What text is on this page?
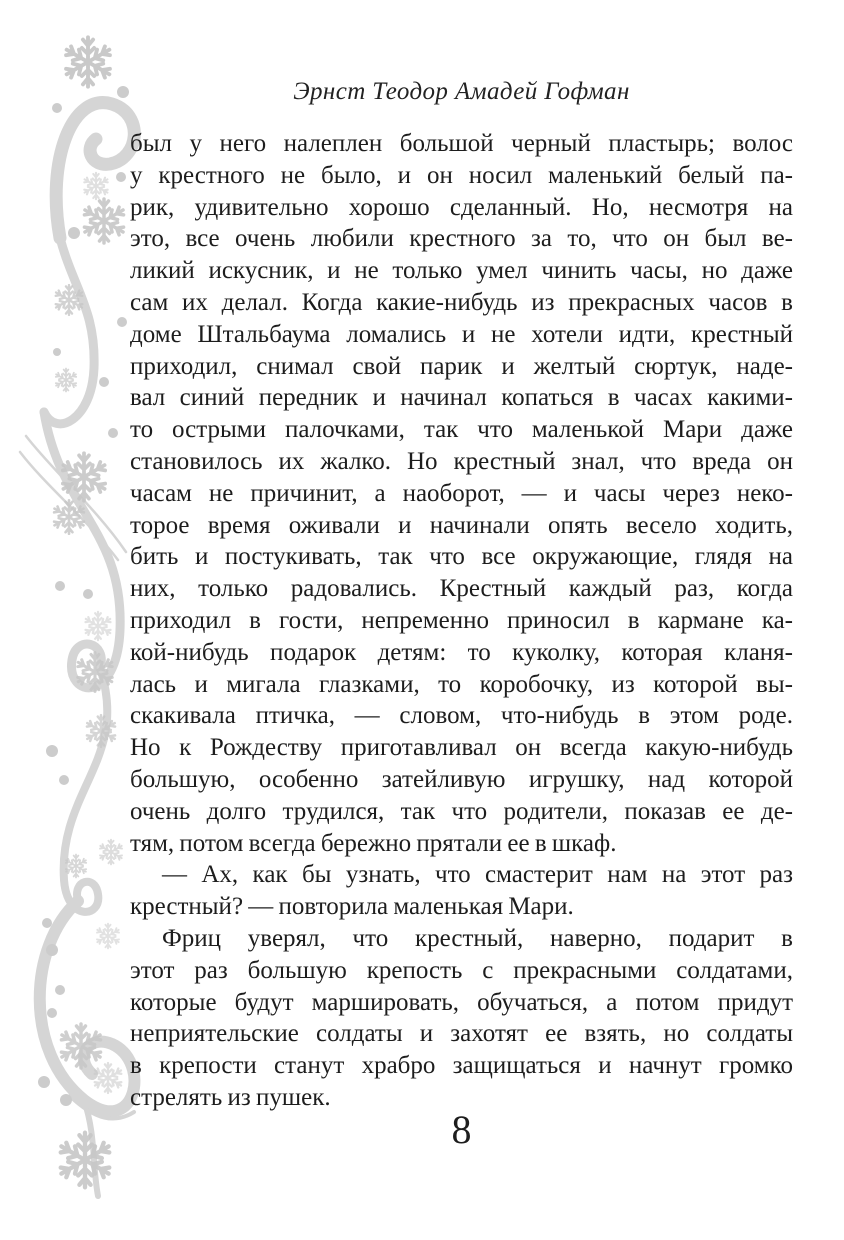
Эрнст Теодор Амадей Гофман
был у него налеплен большой черный пластырь; волос
у крестного не было, и он носил маленький белый па-
рик, удивительно хорошо сделанный. Но, несмотря на
это, все очень любили крестного за то, что он был ве-
ликий искусник, и не только умел чинить часы, но даже
сам их делал. Когда какие-нибудь из прекрасных часов в
доме Штальбаума ломались и не хотели идти, крестный
приходил, снимал свой парик и желтый сюртук, наде-
вал синий передник и начинал копаться в часах какими-
то острыми палочками, так что маленькой Мари даже
становилось их жалко. Но крестный знал, что вреда он
часам не причинит, а наоборот, — и часы через неко-
торое время оживали и начинали опять весело ходить,
бить и постукивать, так что все окружающие, глядя на
них, только радовались. Крестный каждый раз, когда
приходил в гости, непременно приносил в кармане ка-
кой-нибудь подарок детям: то куколку, которая кланя-
лась и мигала глазками, то коробочку, из которой вы-
скакивала птичка, — словом, что-нибудь в этом роде.
Но к Рождеству приготавливал он всегда какую-нибудь
большую, особенно затейливую игрушку, над которой
очень долго трудился, так что родители, показав ее де-
тям, потом всегда бережно прятали ее в шкаф.
— Ах, как бы узнать, что смастерит нам на этот раз
крестный? — повторила маленькая Мари.
Фриц уверял, что крестный, наверно, подарит в
этот раз большую крепость с прекрасными солдатами,
которые будут маршировать, обучаться, а потом придут
неприятельские солдаты и захотят ее взять, но солдаты
в крепости станут храбро защищаться и начнут громко
стрелять из пушек.
8
